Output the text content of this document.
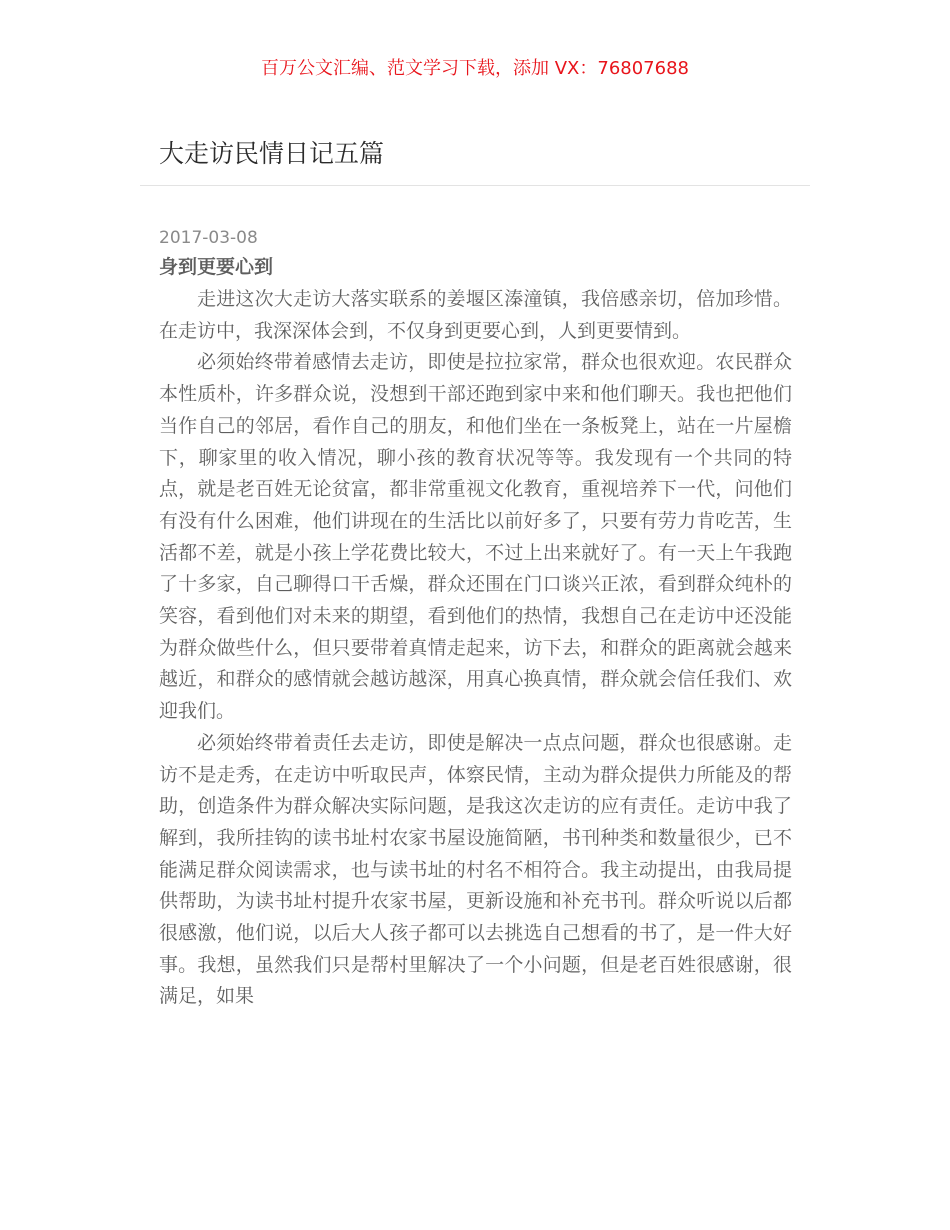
百万公文汇编、范文学习下载，添加 VX：76807688
大走访民情日记五篇
2017-03-08
身到更要心到

走进这次大走访大落实联系的姜堰区溱潼镇，我倍感亲切，倍加珍惜。在走访中，我深深体会到，不仅身到更要心到，人到更要情到。

必须始终带着感情去走访，即使是拉拉家常，群众也很欢迎。农民群众本性质朴，许多群众说，没想到干部还跑到家中来和他们聊天。我也把他们当作自己的邻居，看作自己的朋友，和他们坐在一条板凳上，站在一片屋檐下，聊家里的收入情况，聊小孩的教育状况等等。我发现有一个共同的特点，就是老百姓无论贫富，都非常重视文化教育，重视培养下一代，问他们有没有什么困难，他们讲现在的生活比以前好多了，只要有劳力肯吃苦，生活都不差，就是小孩上学花费比较大，不过上出来就好了。有一天上午我跑了十多家，自己聊得口干舌燥，群众还围在门口谈兴正浓，看到群众纯朴的笑容，看到他们对未来的期望，看到他们的热情，我想自己在走访中还没能为群众做些什么，但只要带着真情走起来，访下去，和群众的距离就会越来越近，和群众的感情就会越访越深，用真心换真情，群众就会信任我们、欢迎我们。

必须始终带着责任去走访，即使是解决一点点问题，群众也很感谢。走访不是走秀，在走访中听取民声，体察民情，主动为群众提供力所能及的帮助，创造条件为群众解决实际问题，是我这次走访的应有责任。走访中我了解到，我所挂钩的读书址村农家书屋设施简陋，书刊种类和数量很少，已不能满足群众阅读需求，也与读书址的村名不相符合。我主动提出，由我局提供帮助，为读书址村提升农家书屋，更新设施和补充书刊。群众听说以后都很感激，他们说，以后大人孩子都可以去挑选自己想看的书了，是一件大好事。我想，虽然我们只是帮村里解决了一个小问题，但是老百姓很感谢，很满足，如果
